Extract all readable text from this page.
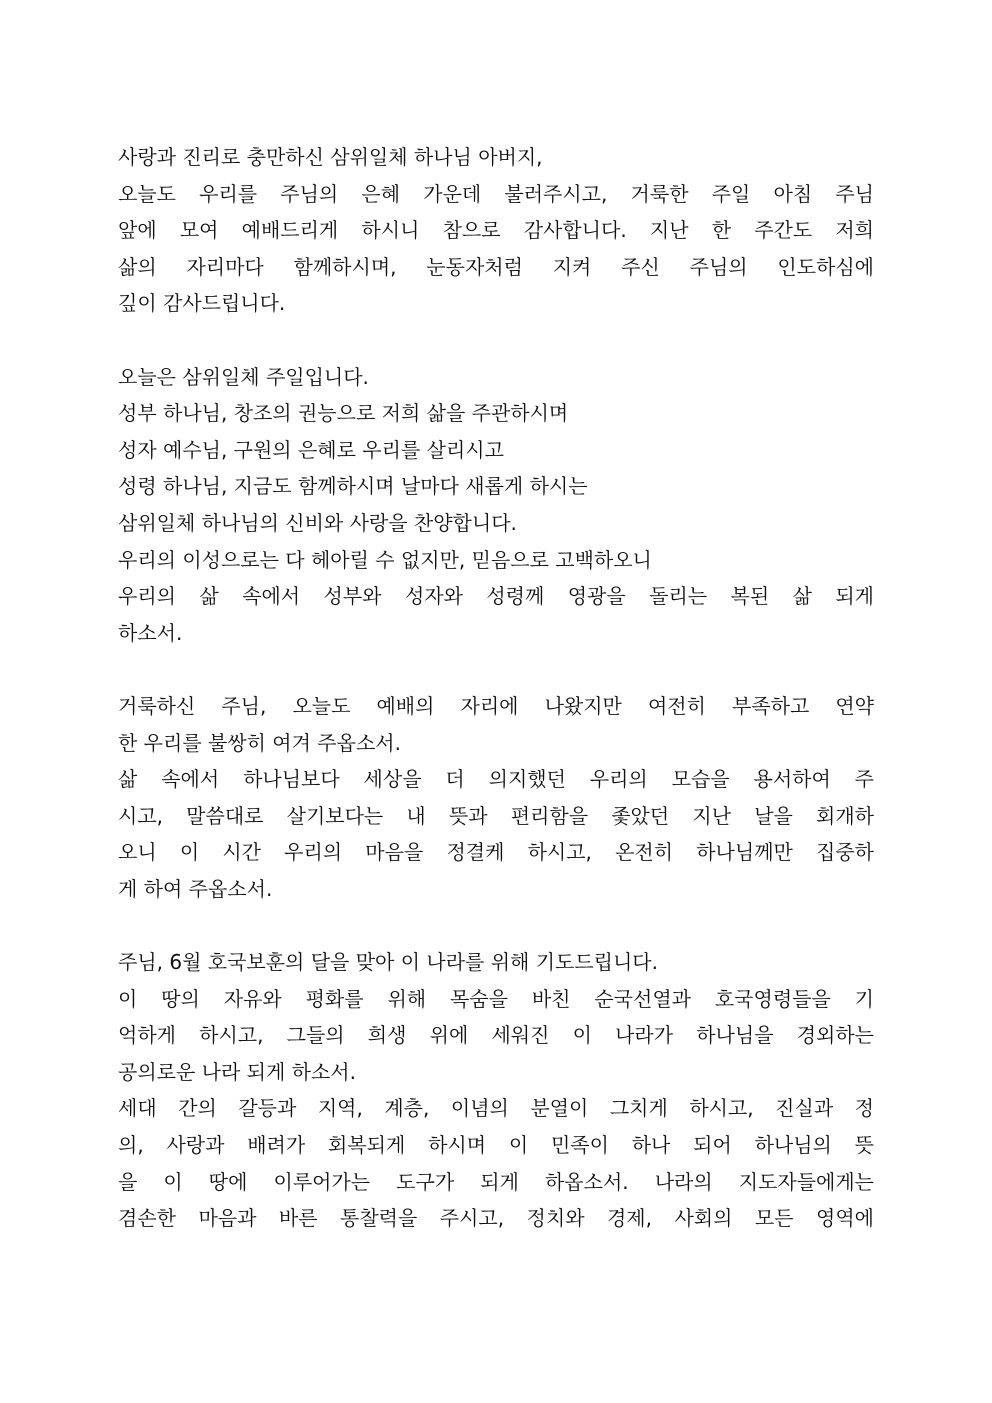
사랑과 진리로 충만하신 삼위일체 하나님 아버지,
오늘도 우리를 주님의 은혜 가운데 불러주시고, 거룩한 주일 아침 주님
앞에 모여 예배드리게 하시니 참으로 감사합니다. 지난 한 주간도 저희
삶의 자리마다 함께하시며, 눈동자처럼 지켜 주신 주님의 인도하심에
깊이 감사드립니다.

오늘은 삼위일체 주일입니다.
성부 하나님, 창조의 권능으로 저희 삶을 주관하시며
성자 예수님, 구원의 은혜로 우리를 살리시고
성령 하나님, 지금도 함께하시며 날마다 새롭게 하시는
삼위일체 하나님의 신비와 사랑을 찬양합니다.
우리의 이성으로는 다 헤아릴 수 없지만, 믿음으로 고백하오니
우리의 삶 속에서 성부와 성자와 성령께 영광을 돌리는 복된 삶 되게
하소서.

거룩하신 주님, 오늘도 예배의 자리에 나왔지만 여전히 부족하고 연약
한 우리를 불쌍히 여겨 주옵소서.
삶 속에서 하나님보다 세상을 더 의지했던 우리의 모습을 용서하여 주
시고, 말씀대로 살기보다는 내 뜻과 편리함을 좇았던 지난 날을 회개하
오니 이 시간 우리의 마음을 정결케 하시고, 온전히 하나님께만 집중하
게 하여 주옵소서.

주님, 6월 호국보훈의 달을 맞아 이 나라를 위해 기도드립니다.
이 땅의 자유와 평화를 위해 목숨을 바친 순국선열과 호국영령들을 기
억하게 하시고, 그들의 희생 위에 세워진 이 나라가 하나님을 경외하는
공의로운 나라 되게 하소서.
세대 간의 갈등과 지역, 계층, 이념의 분열이 그치게 하시고, 진실과 정
의, 사랑과 배려가 회복되게 하시며 이 민족이 하나 되어 하나님의 뜻
을 이 땅에 이루어가는 도구가 되게 하옵소서. 나라의 지도자들에게는
겸손한 마음과 바른 통찰력을 주시고, 정치와 경제, 사회의 모든 영역에
